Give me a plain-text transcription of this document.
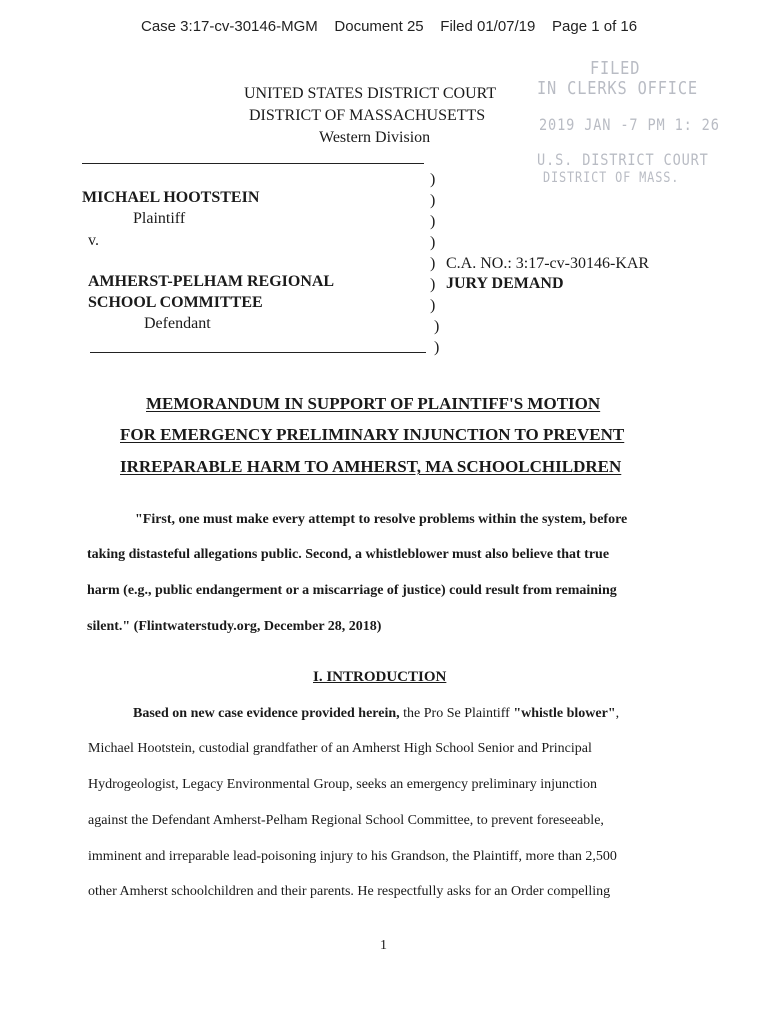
Case 3:17-cv-30146-MGM Document 25 Filed 01/07/19 Page 1 of 16
UNITED STATES DISTRICT COURT
DISTRICT OF MASSACHUSETTS
Western Division
FILED
IN CLERKS OFFICE
2019 JAN -7 PM 1: 26
U.S. DISTRICT COURT
DISTRICT OF MASS.
MICHAEL HOOTSTEIN
Plaintiff
v.
AMHERST-PELHAM REGIONAL
SCHOOL COMMITTEE
Defendant
)
)
)
)
)
)
)
)
)
C.A. NO.: 3:17-cv-30146-KAR
JURY DEMAND
MEMORANDUM IN SUPPORT OF PLAINTIFF'S MOTION
FOR EMERGENCY PRELIMINARY INJUNCTION TO PREVENT
IRREPARABLE HARM TO AMHERST, MA SCHOOLCHILDREN
"First, one must make every attempt to resolve problems within the system, before
taking distasteful allegations public. Second, a whistleblower must also believe that true
harm (e.g., public endangerment or a miscarriage of justice) could result from remaining
silent." (Flintwaterstudy.org, December 28, 2018)
I. INTRODUCTION
Based on new case evidence provided herein, the Pro Se Plaintiff "whistle blower",
Michael Hootstein, custodial grandfather of an Amherst High School Senior and Principal
Hydrogeologist, Legacy Environmental Group, seeks an emergency preliminary injunction
against the Defendant Amherst-Pelham Regional School Committee, to prevent foreseeable,
imminent and irreparable lead-poisoning injury to his Grandson, the Plaintiff, more than 2,500
other Amherst schoolchildren and their parents. He respectfully asks for an Order compelling
1
